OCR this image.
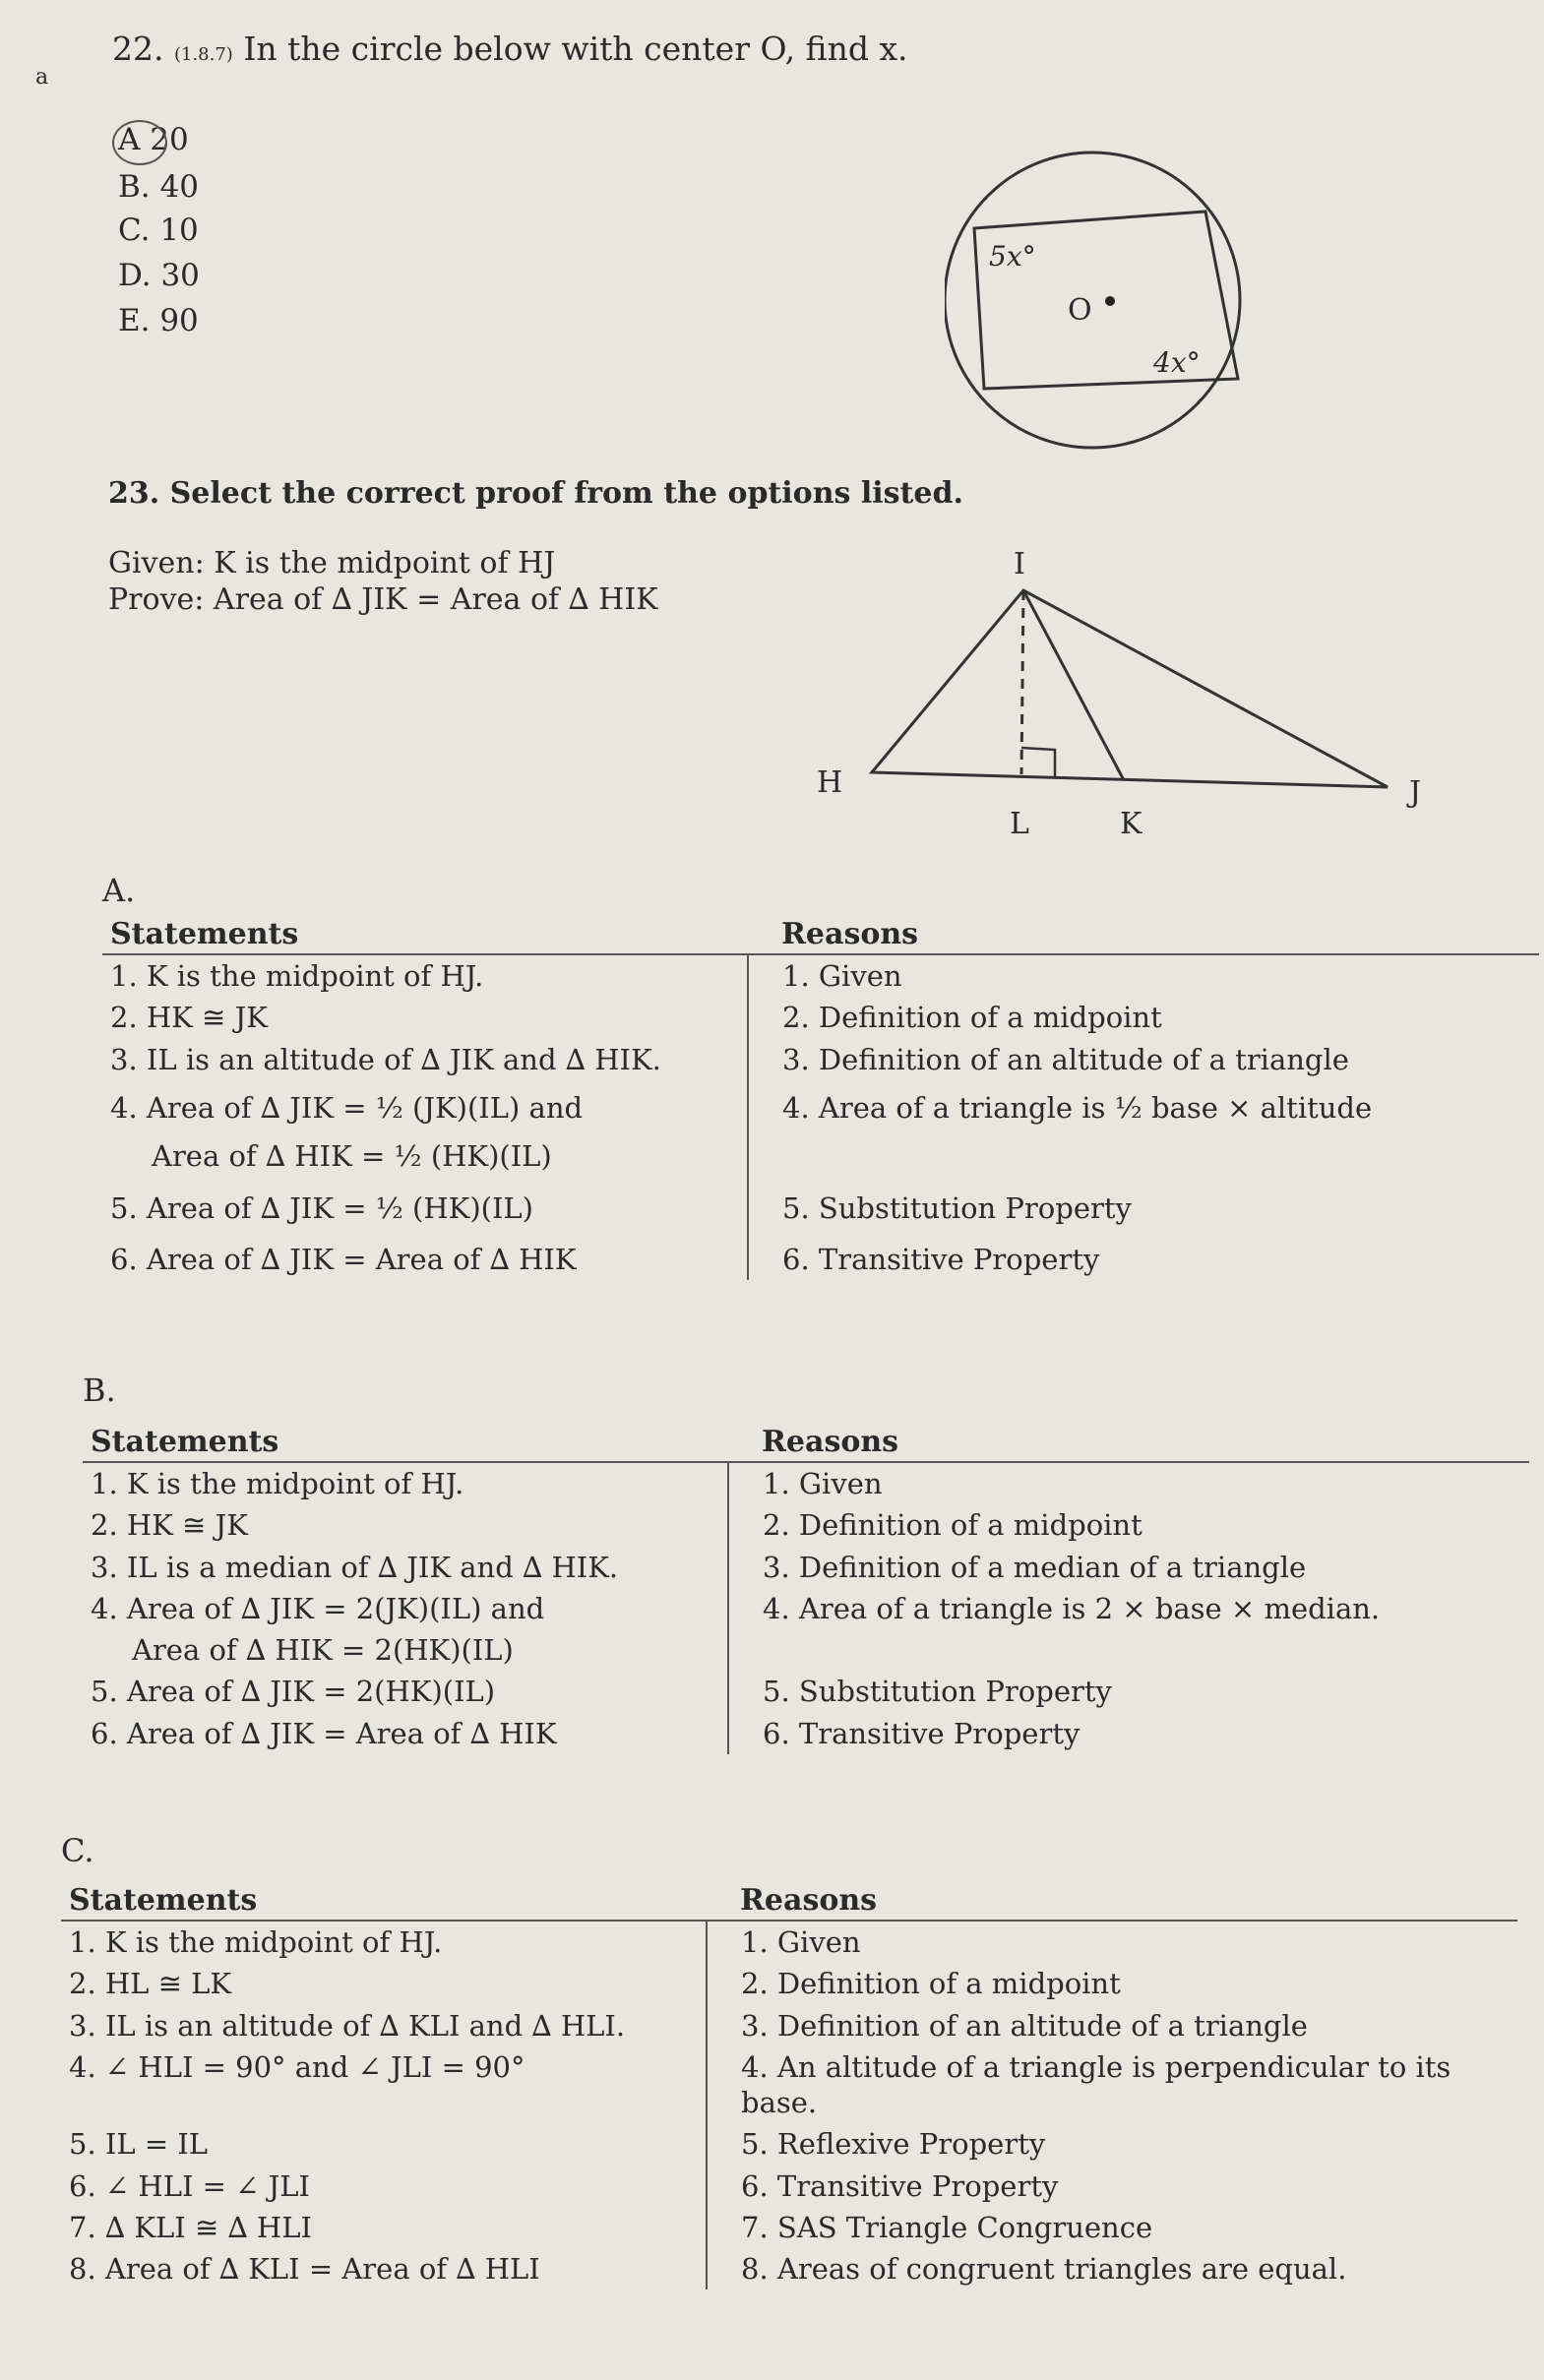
a
22. (1.8.7) In the circle below with center O, find x.
A 20
B. 40
C. 10
D. 30
E. 90
5x°
O
4x°
23. Select the correct proof from the options listed.
Given: K is the midpoint of HJ
Prove: Area of ∆ JIK = Area of ∆ HIK
I
H	J
L	K
A.
Statements	Reasons
1. K is the midpoint of HJ.	1. Given
2. HK ≅ JK	2. Definition of a midpoint
3. IL is an altitude of ∆ JIK and ∆ HIK.	3. Definition of an altitude of a triangle
4. Area of ∆ JIK = ½ (JK)(IL) and	4. Area of a triangle is ½ base × altitude
Area of ∆ HIK = ½ (HK)(IL)	
5. Area of ∆ JIK = ½ (HK)(IL)	5. Substitution Property
6. Area of ∆ JIK = Area of ∆ HIK	6. Transitive Property
B.
Statements	Reasons
1. K is the midpoint of HJ.	1. Given
2. HK ≅ JK	2. Definition of a midpoint
3. IL is a median of ∆ JIK and ∆ HIK.	3. Definition of a median of a triangle
4. Area of ∆ JIK = 2(JK)(IL) and	4. Area of a triangle is 2 × base × median.
Area of ∆ HIK = 2(HK)(IL)	
5. Area of ∆ JIK = 2(HK)(IL)	5. Substitution Property
6. Area of ∆ JIK = Area of ∆ HIK	6. Transitive Property
C.
Statements	Reasons
1. K is the midpoint of HJ.	1. Given
2. HL ≅ LK	2. Definition of a midpoint
3. IL is an altitude of ∆ KLI and ∆ HLI.	3. Definition of an altitude of a triangle
4. ∠ HLI = 90° and ∠ JLI = 90°	4. An altitude of a triangle is perpendicular to its base.
5. IL = IL	5. Reflexive Property
6. ∠ HLI = ∠ JLI	6. Transitive Property
7. ∆ KLI ≅ ∆ HLI	7. SAS Triangle Congruence
8. Area of ∆ KLI = Area of ∆ HLI	8. Areas of congruent triangles are equal.
